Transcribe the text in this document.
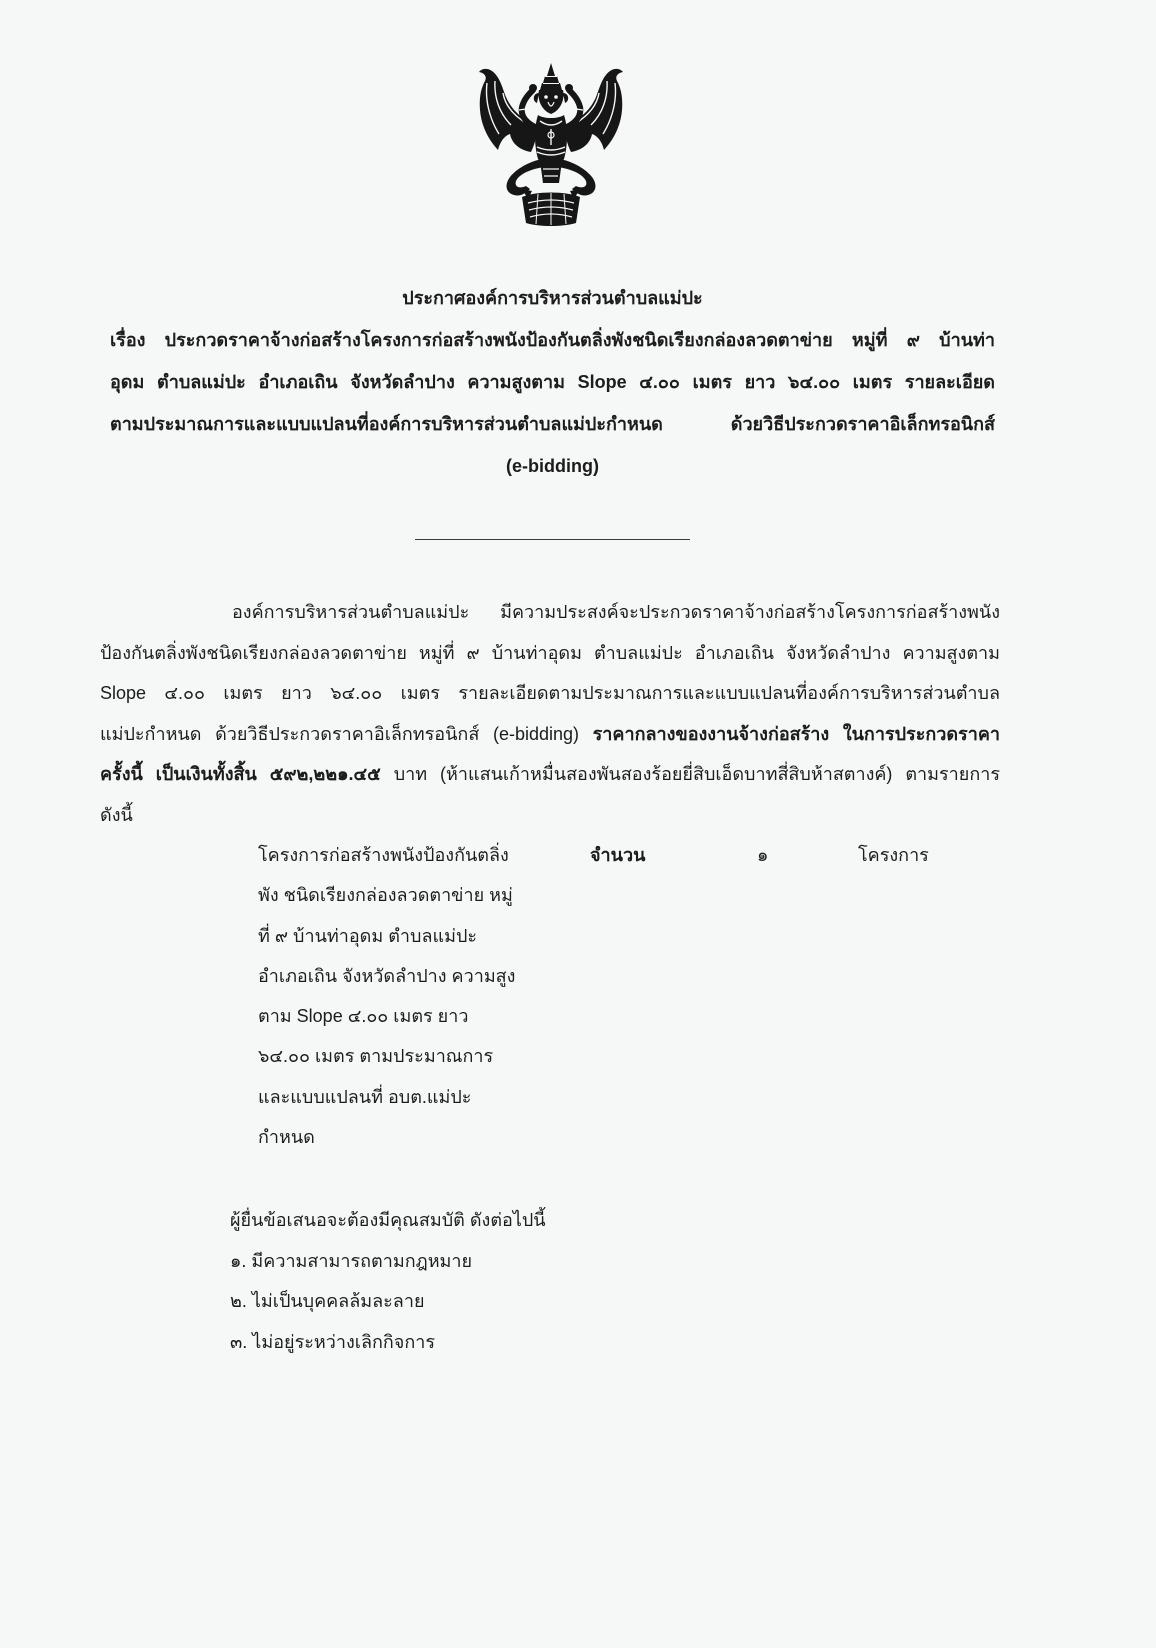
ประกาศองค์การบริหารส่วนตำบลแม่ปะ
เรื่อง ประกวดราคาจ้างก่อสร้างโครงการก่อสร้างพนังป้องกันตลิ่งพังชนิดเรียงกล่องลวดตาข่าย หมู่ที่ ๙ บ้านท่า
อุดม ตำบลแม่ปะ อำเภอเถิน จังหวัดลำปาง ความสูงตาม Slope ๔.๐๐ เมตร ยาว ๖๔.๐๐ เมตร รายละเอียด
ตามประมาณการและแบบแปลนที่องค์การบริหารส่วนตำบลแม่ปะกำหนด ด้วยวิธีประกวดราคาอิเล็กทรอนิกส์
(e-bidding)
องค์การบริหารส่วนตำบลแม่ปะ มีความประสงค์จะประกวดราคาจ้างก่อสร้างโครงการก่อสร้างพนัง
ป้องกันตลิ่งพังชนิดเรียงกล่องลวดตาข่าย หมู่ที่ ๙ บ้านท่าอุดม ตำบลแม่ปะ อำเภอเถิน จังหวัดลำปาง ความสูงตาม
Slope ๔.๐๐ เมตร ยาว ๖๔.๐๐ เมตร รายละเอียดตามประมาณการและแบบแปลนที่องค์การบริหารส่วนตำบล
แม่ปะกำหนด ด้วยวิธีประกวดราคาอิเล็กทรอนิกส์ (e-bidding) ราคากลางของงานจ้างก่อสร้าง ในการประกวดราคา
ครั้งนี้ เป็นเงินทั้งสิ้น ๕๙๒,๒๒๑.๔๕ บาท (ห้าแสนเก้าหมื่นสองพันสองร้อยยี่สิบเอ็ดบาทสี่สิบห้าสตางค์) ตามรายการ
ดังนี้
โครงการก่อสร้างพนังป้องกันตลิ่ง
พัง ชนิดเรียงกล่องลวดตาข่าย หมู่
ที่ ๙ บ้านท่าอุดม ตำบลแม่ปะ
อำเภอเถิน จังหวัดลำปาง ความสูง
ตาม Slope ๔.๐๐ เมตร ยาว
๖๔.๐๐ เมตร ตามประมาณการ
และแบบแปลนที่ อบต.แม่ปะ
กำหนด
จำนวน	๑	โครงการ
ผู้ยื่นข้อเสนอจะต้องมีคุณสมบัติ ดังต่อไปนี้
๑. มีความสามารถตามกฎหมาย
๒. ไม่เป็นบุคคลล้มละลาย
๓. ไม่อยู่ระหว่างเลิกกิจการ
